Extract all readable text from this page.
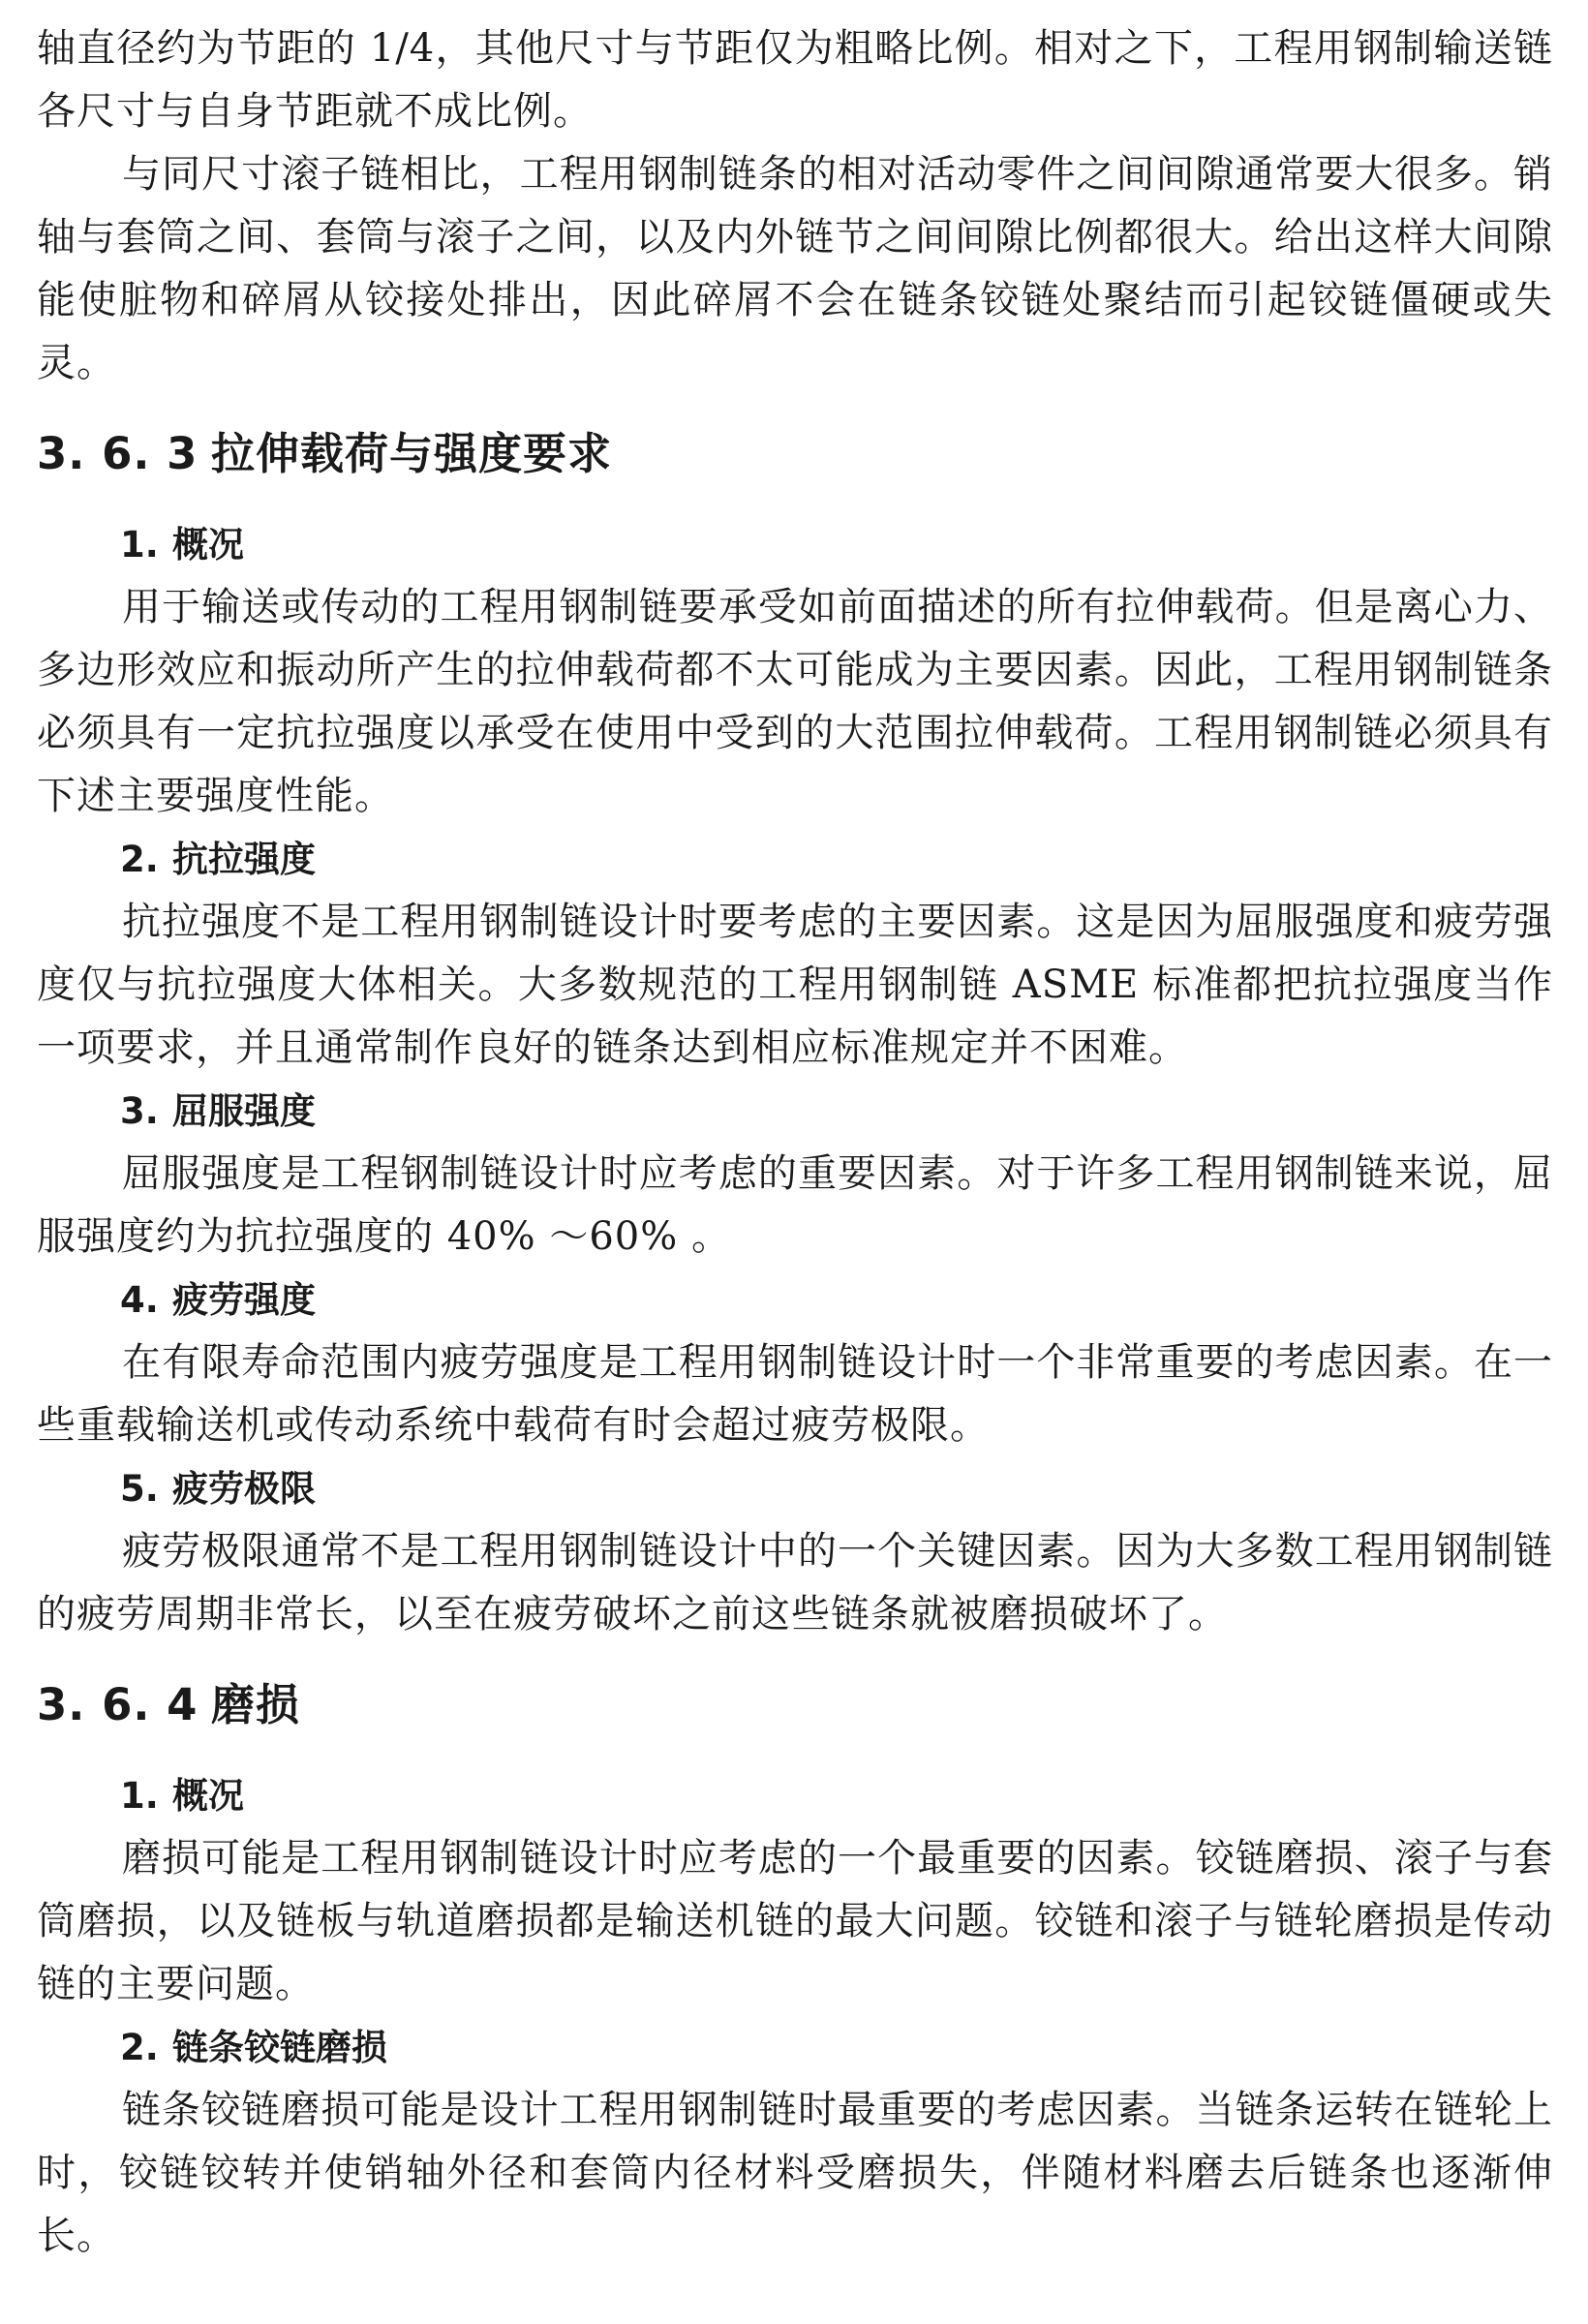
轴直径约为节距的 1/4，其他尺寸与节距仅为粗略比例。相对之下，工程用钢制输送链各尺寸与自身节距就不成比例。

与同尺寸滚子链相比，工程用钢制链条的相对活动零件之间间隙通常要大很多。销轴与套筒之间、套筒与滚子之间，以及内外链节之间间隙比例都很大。给出这样大间隙能使脏物和碎屑从铰接处排出，因此碎屑不会在链条铰链处聚结而引起铰链僵硬或失灵。

3. 6. 3 拉伸载荷与强度要求
1. 概况

用于输送或传动的工程用钢制链要承受如前面描述的所有拉伸载荷。但是离心力、多边形效应和振动所产生的拉伸载荷都不太可能成为主要因素。因此，工程用钢制链条必须具有一定抗拉强度以承受在使用中受到的大范围拉伸载荷。工程用钢制链必须具有下述主要强度性能。

2. 抗拉强度

抗拉强度不是工程用钢制链设计时要考虑的主要因素。这是因为屈服强度和疲劳强度仅与抗拉强度大体相关。大多数规范的工程用钢制链 ASME 标准都把抗拉强度当作一项要求，并且通常制作良好的链条达到相应标准规定并不困难。

3. 屈服强度

屈服强度是工程钢制链设计时应考虑的重要因素。对于许多工程用钢制链来说，屈服强度约为抗拉强度的 40% ～60% 。

4. 疲劳强度

在有限寿命范围内疲劳强度是工程用钢制链设计时一个非常重要的考虑因素。在一些重载输送机或传动系统中载荷有时会超过疲劳极限。

5. 疲劳极限

疲劳极限通常不是工程用钢制链设计中的一个关键因素。因为大多数工程用钢制链的疲劳周期非常长，以至在疲劳破坏之前这些链条就被磨损破坏了。

3. 6. 4 磨损
1. 概况

磨损可能是工程用钢制链设计时应考虑的一个最重要的因素。铰链磨损、滚子与套筒磨损，以及链板与轨道磨损都是输送机链的最大问题。铰链和滚子与链轮磨损是传动链的主要问题。

2. 链条铰链磨损

链条铰链磨损可能是设计工程用钢制链时最重要的考虑因素。当链条运转在链轮上时，铰链铰转并使销轴外径和套筒内径材料受磨损失，伴随材料磨去后链条也逐渐伸长。
